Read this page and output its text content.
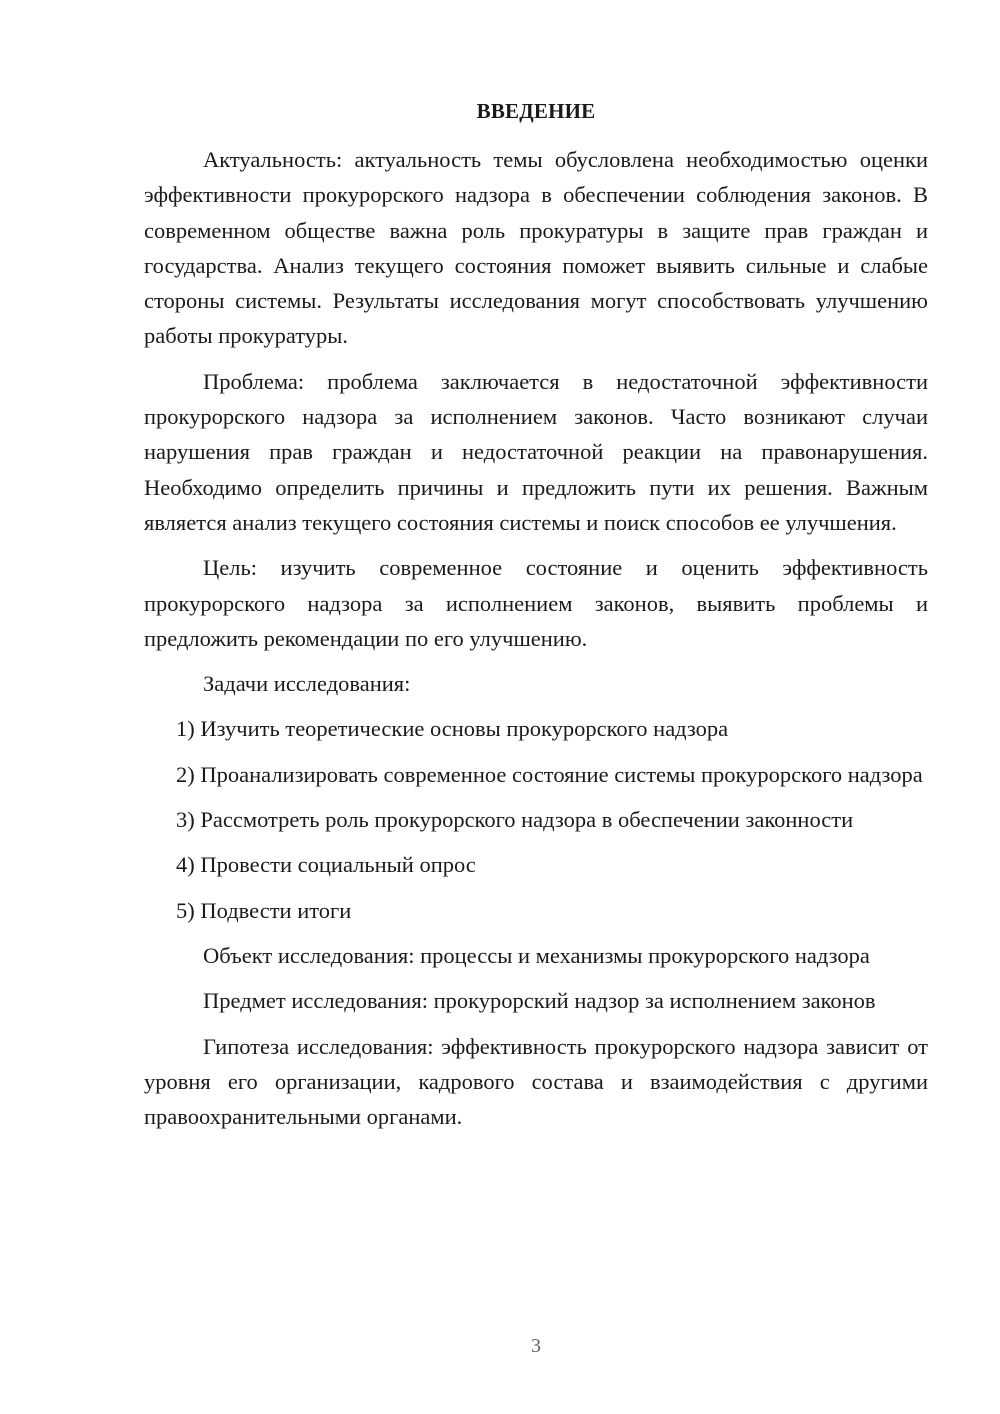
ВВЕДЕНИЕ

Актуальность: актуальность темы обусловлена необходимостью оценки эффективности прокурорского надзора в обеспечении соблюдения законов. В современном обществе важна роль прокуратуры в защите прав граждан и государства. Анализ текущего состояния поможет выявить сильные и слабые стороны системы. Результаты исследования могут способствовать улучшению работы прокуратуры.

Проблема: проблема заключается в недостаточной эффективности прокурорского надзора за исполнением законов. Часто возникают случаи нарушения прав граждан и недостаточной реакции на правонарушения. Необходимо определить причины и предложить пути их решения. Важным является анализ текущего состояния системы и поиск способов ее улучшения.

Цель: изучить современное состояние и оценить эффективность прокурорского надзора за исполнением законов, выявить проблемы и предложить рекомендации по его улучшению.

Задачи исследования:

1) Изучить теоретические основы прокурорского надзора

2) Проанализировать современное состояние системы прокурорского надзора

3) Рассмотреть роль прокурорского надзора в обеспечении законности

4) Провести социальный опрос

5) Подвести итоги

Объект исследования: процессы и механизмы прокурорского надзора

Предмет исследования: прокурорский надзор за исполнением законов

Гипотеза исследования: эффективность прокурорского надзора зависит от уровня его организации, кадрового состава и взаимодействия с другими правоохранительными органами.

3
